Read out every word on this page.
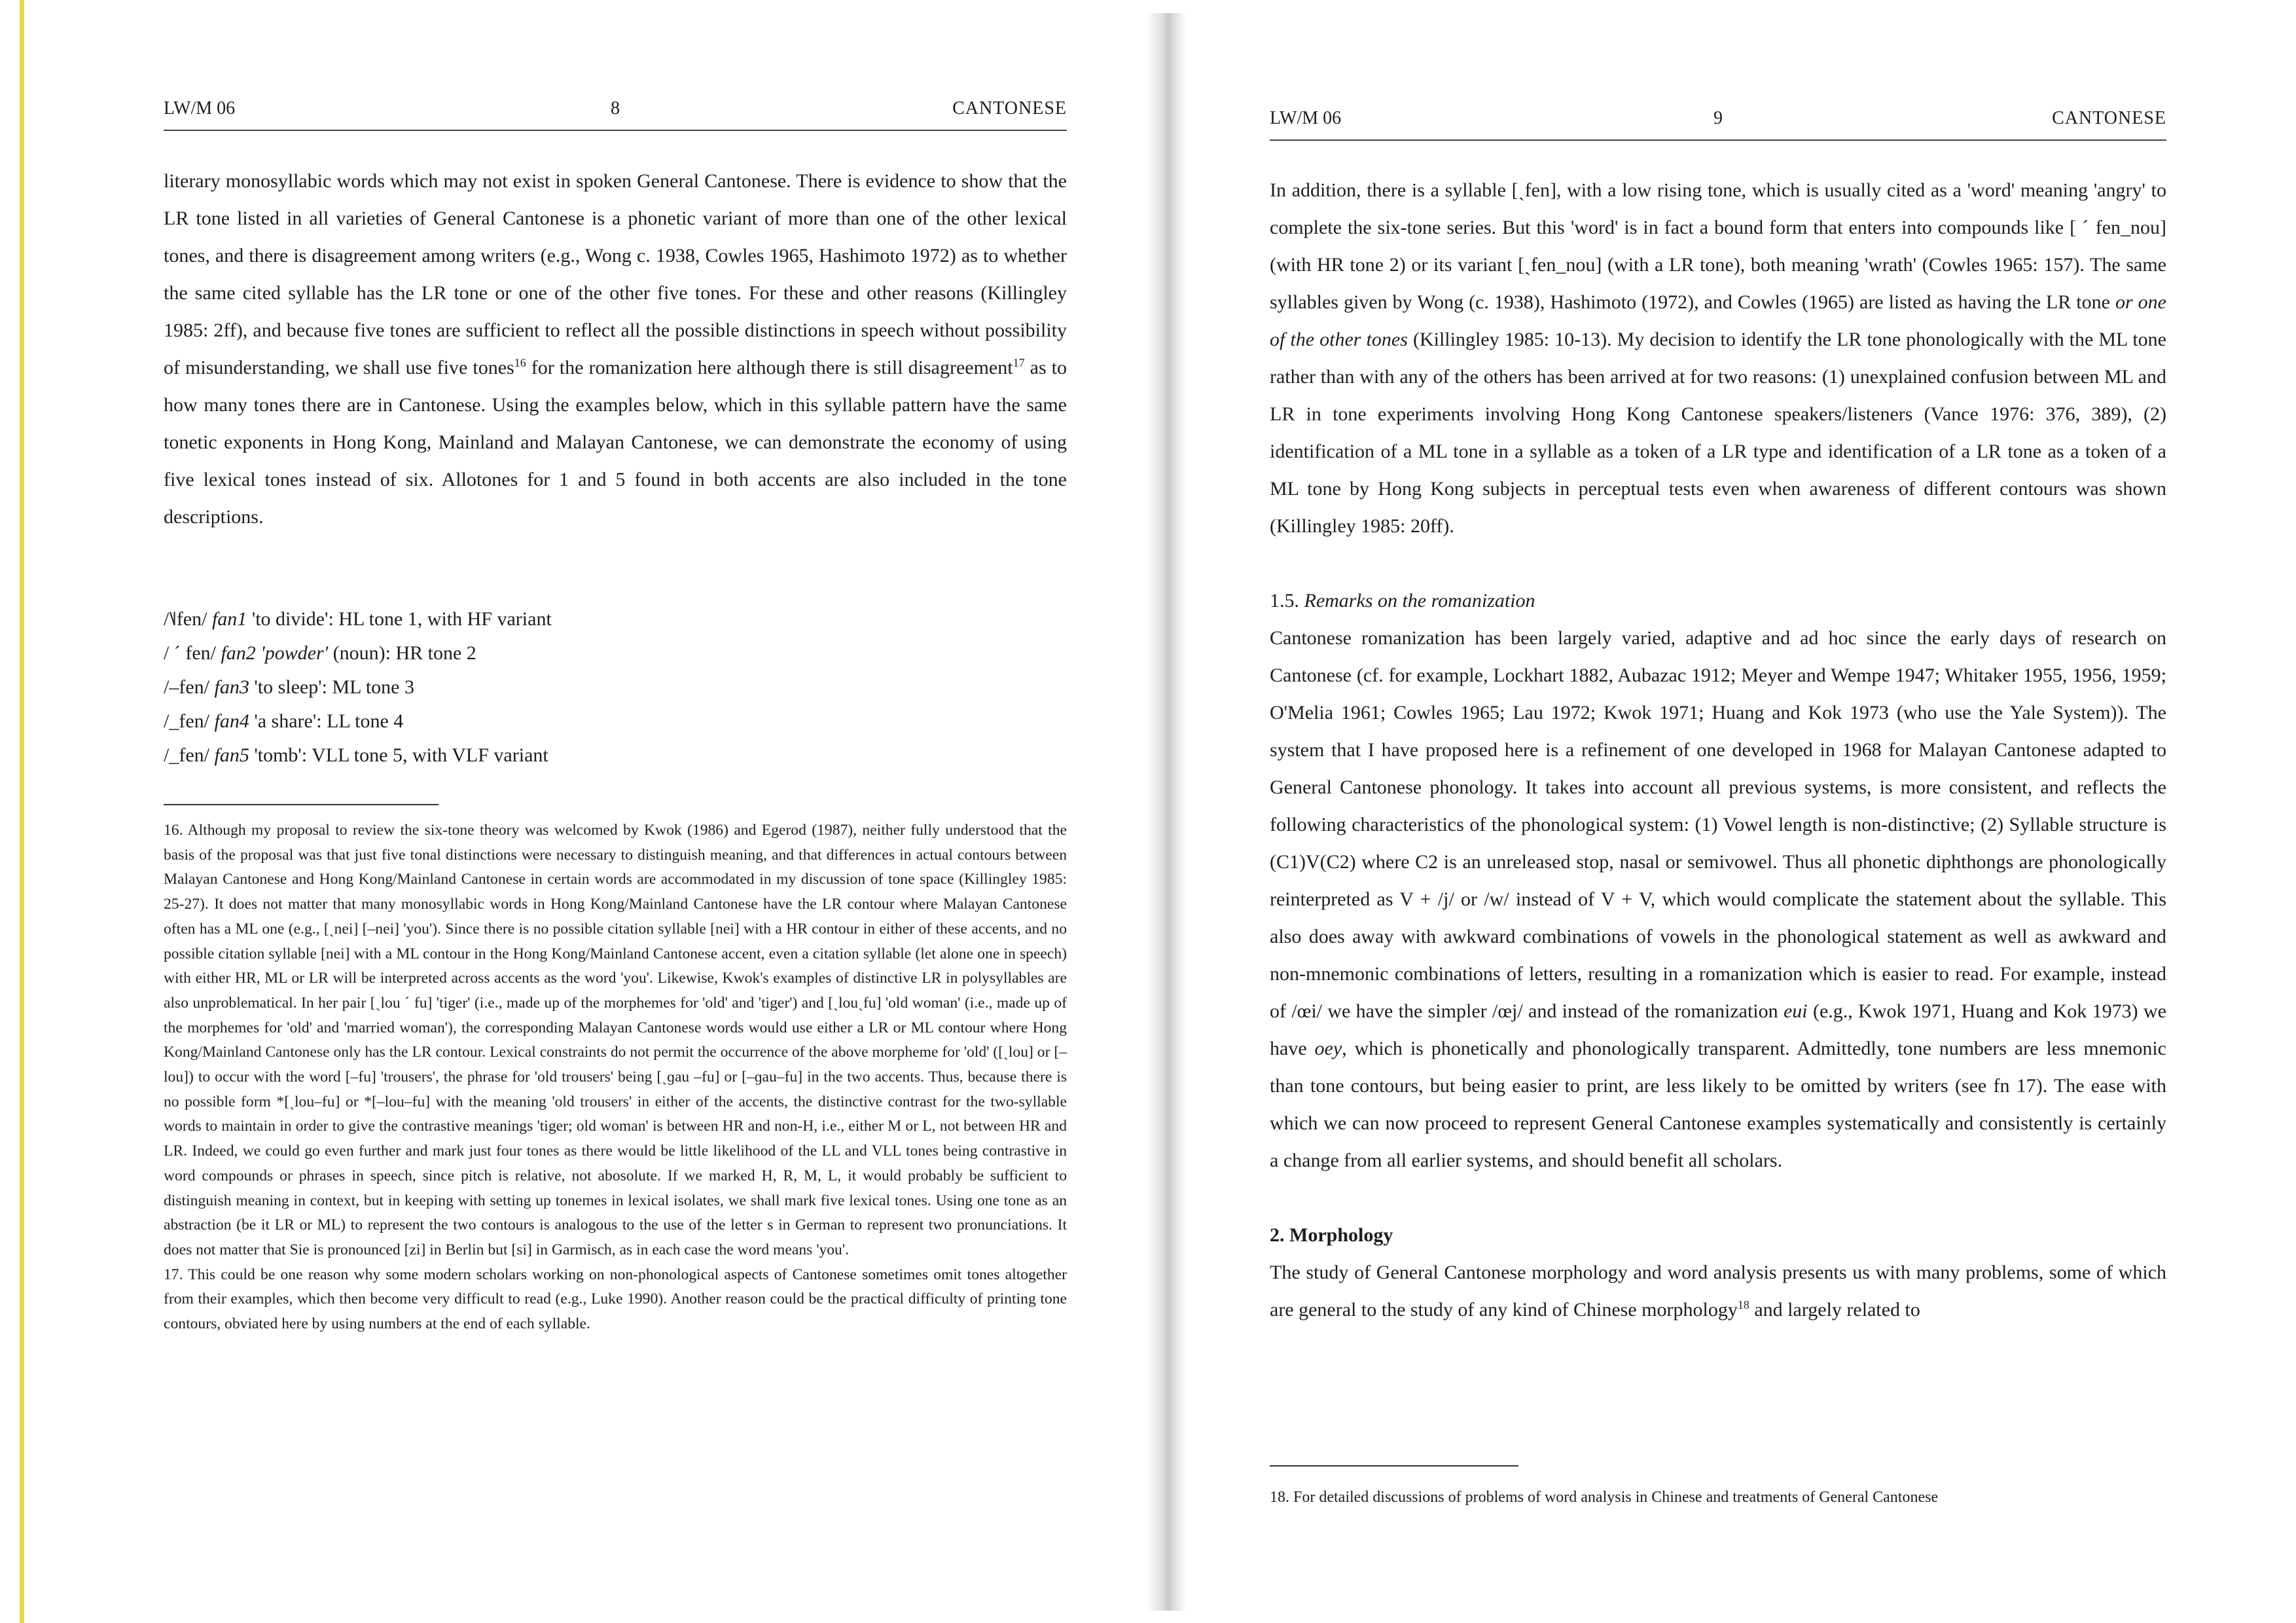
LW/M 06	8	CANTONESE

literary monosyllabic words which may not exist in spoken General Cantonese. There is evidence to show that the LR tone listed in all varieties of General Cantonese is a phonetic variant of more than one of the other lexical tones, and there is disagreement among writers (e.g., Wong c. 1938, Cowles 1965, Hashimoto 1972) as to whether the same cited syllable has the LR tone or one of the other five tones. For these and other reasons (Killingley 1985: 2ff), and because five tones are sufficient to reflect all the possible distinctions in speech without possibility of misunderstanding, we shall use five tones$^{16}$ for the romanization here although there is still disagreement$^{17}$ as to how many tones there are in Cantonese. Using the examples below, which in this syllable pattern have the same tonetic exponents in Hong Kong, Mainland and Malayan Cantonese, we can demonstrate the economy of using five lexical tones instead of six. Allotones for 1 and 5 found in both accents are also included in the tone descriptions.

/˥˩fen/ fan1 'to divide': HL tone 1, with HF variant
/ ˊ fen/ fan2 'powder' (noun): HR tone 2
/–fen/ fan3 'to sleep': ML tone 3
/_fen/ fan4 'a share': LL tone 4
/_fen/ fan5 'tomb': VLL tone 5, with VLF variant

16. Although my proposal to review the six-tone theory was welcomed by Kwok (1986) and Egerod (1987), neither fully understood that the basis of the proposal was that just five tonal distinctions were necessary to distinguish meaning, and that differences in actual contours between Malayan Cantonese and Hong Kong/Mainland Cantonese in certain words are accommodated in my discussion of tone space (Killingley 1985: 25-27). It does not matter that many monosyllabic words in Hong Kong/Mainland Cantonese have the LR contour where Malayan Cantonese often has a ML one (e.g., [ˏnei] [–nei] 'you'). Since there is no possible citation syllable [nei] with a HR contour in either of these accents, and no possible citation syllable [nei] with a ML contour in the Hong Kong/Mainland Cantonese accent, even a citation syllable (let alone one in speech) with either HR, ML or LR will be interpreted across accents as the word 'you'. Likewise, Kwok's examples of distinctive LR in polysyllables are also unproblematical. In her pair [ˏlou ˊ fu] 'tiger' (i.e., made up of the morphemes for 'old' and 'tiger') and [ˏlouˏfu] 'old woman' (i.e., made up of the morphemes for 'old' and 'married woman'), the corresponding Malayan Cantonese words would use either a LR or ML contour where Hong Kong/Mainland Cantonese only has the LR contour. Lexical constraints do not permit the occurrence of the above morpheme for 'old' ([ˏlou] or [–lou]) to occur with the word [–fu] 'trousers', the phrase for 'old trousers' being [ˏɡau –fu] or [–ɡau–fu] in the two accents. Thus, because there is no possible form *[ˏlou–fu] or *[–lou–fu] with the meaning 'old trousers' in either of the accents, the distinctive contrast for the two-syllable words to maintain in order to give the contrastive meanings 'tiger; old woman' is between HR and non-H, i.e., either M or L, not between HR and LR. Indeed, we could go even further and mark just four tones as there would be little likelihood of the LL and VLL tones being contrastive in word compounds or phrases in speech, since pitch is relative, not abosolute. If we marked H, R, M, L, it would probably be sufficient to distinguish meaning in context, but in keeping with setting up tonemes in lexical isolates, we shall mark five lexical tones. Using one tone as an abstraction (be it LR or ML) to represent the two contours is analogous to the use of the letter s in German to represent two pronunciations. It does not matter that Sie is pronounced [zi] in Berlin but [si] in Garmisch, as in each case the word means 'you'.

17. This could be one reason why some modern scholars working on non-phonological aspects of Cantonese sometimes omit tones altogether from their examples, which then become very difficult to read (e.g., Luke 1990). Another reason could be the practical difficulty of printing tone contours, obviated here by using numbers at the end of each syllable.

LW/M 06	9	CANTONESE

In addition, there is a syllable [ˏfen], with a low rising tone, which is usually cited as a 'word' meaning 'angry' to complete the six-tone series. But this 'word' is in fact a bound form that enters into compounds like [ ˊ fen_nou] (with HR tone 2) or its variant [ˏfen_nou] (with a LR tone), both meaning 'wrath' (Cowles 1965: 157). The same syllables given by Wong (c. 1938), Hashimoto (1972), and Cowles (1965) are listed as having the LR tone or one of the other tones (Killingley 1985: 10-13). My decision to identify the LR tone phonologically with the ML tone rather than with any of the others has been arrived at for two reasons: (1) unexplained confusion between ML and LR in tone experiments involving Hong Kong Cantonese speakers/listeners (Vance 1976: 376, 389), (2) identification of a ML tone in a syllable as a token of a LR type and identification of a LR tone as a token of a ML tone by Hong Kong subjects in perceptual tests even when awareness of different contours was shown (Killingley 1985: 20ff).

1.5. Remarks on the romanization

Cantonese romanization has been largely varied, adaptive and ad hoc since the early days of research on Cantonese (cf. for example, Lockhart 1882, Aubazac 1912; Meyer and Wempe 1947; Whitaker 1955, 1956, 1959; O'Melia 1961; Cowles 1965; Lau 1972; Kwok 1971; Huang and Kok 1973 (who use the Yale System)). The system that I have proposed here is a refinement of one developed in 1968 for Malayan Cantonese adapted to General Cantonese phonology. It takes into account all previous systems, is more consistent, and reflects the following characteristics of the phonological system: (1) Vowel length is non-distinctive; (2) Syllable structure is (C1)V(C2) where C2 is an unreleased stop, nasal or semivowel. Thus all phonetic diphthongs are phonologically reinterpreted as V + /j/ or /w/ instead of V + V, which would complicate the statement about the syllable. This also does away with awkward combinations of vowels in the phonological statement as well as awkward and non-mnemonic combinations of letters, resulting in a romanization which is easier to read. For example, instead of /œi/ we have the simpler /œj/ and instead of the romanization eui (e.g., Kwok 1971, Huang and Kok 1973) we have oey, which is phonetically and phonologically transparent. Admittedly, tone numbers are less mnemonic than tone contours, but being easier to print, are less likely to be omitted by writers (see fn 17). The ease with which we can now proceed to represent General Cantonese examples systematically and consistently is certainly a change from all earlier systems, and should benefit all scholars.

2. Morphology

The study of General Cantonese morphology and word analysis presents us with many problems, some of which are general to the study of any kind of Chinese morphology$^{18}$ and largely related to

18. For detailed discussions of problems of word analysis in Chinese and treatments of General Cantonese
